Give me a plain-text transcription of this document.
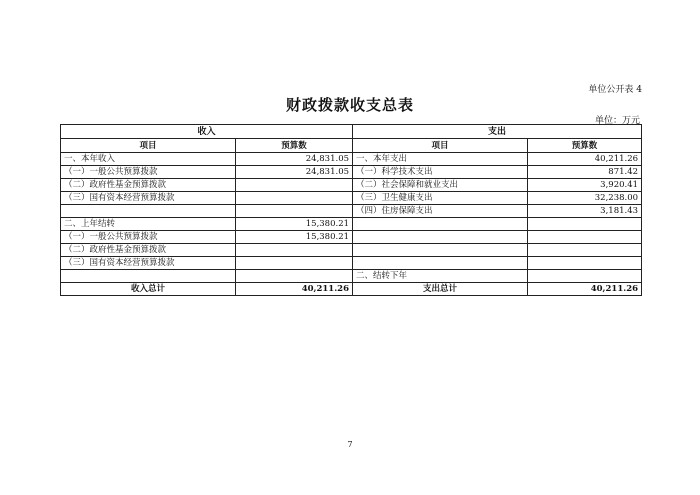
单位公开表 4
财政拨款收支总表
单位：万元
收入		支出	
项目	预算数	项目	预算数
一、本年收入	24,831.05	一、本年支出	40,211.26
（一）一般公共预算拨款	24,831.05	（一）科学技术支出	871.42
（二）政府性基金预算拨款		（二）社会保障和就业支出	3,920.41
（三）国有资本经营预算拨款		（三）卫生健康支出	32,238.00
		（四）住房保障支出	3,181.43
二、上年结转	15,380.21		
（一）一般公共预算拨款	15,380.21		
（二）政府性基金预算拨款			
（三）国有资本经营预算拨款			
		二、结转下年	
收入总计	40,211.26	支出总计	40,211.26
7
